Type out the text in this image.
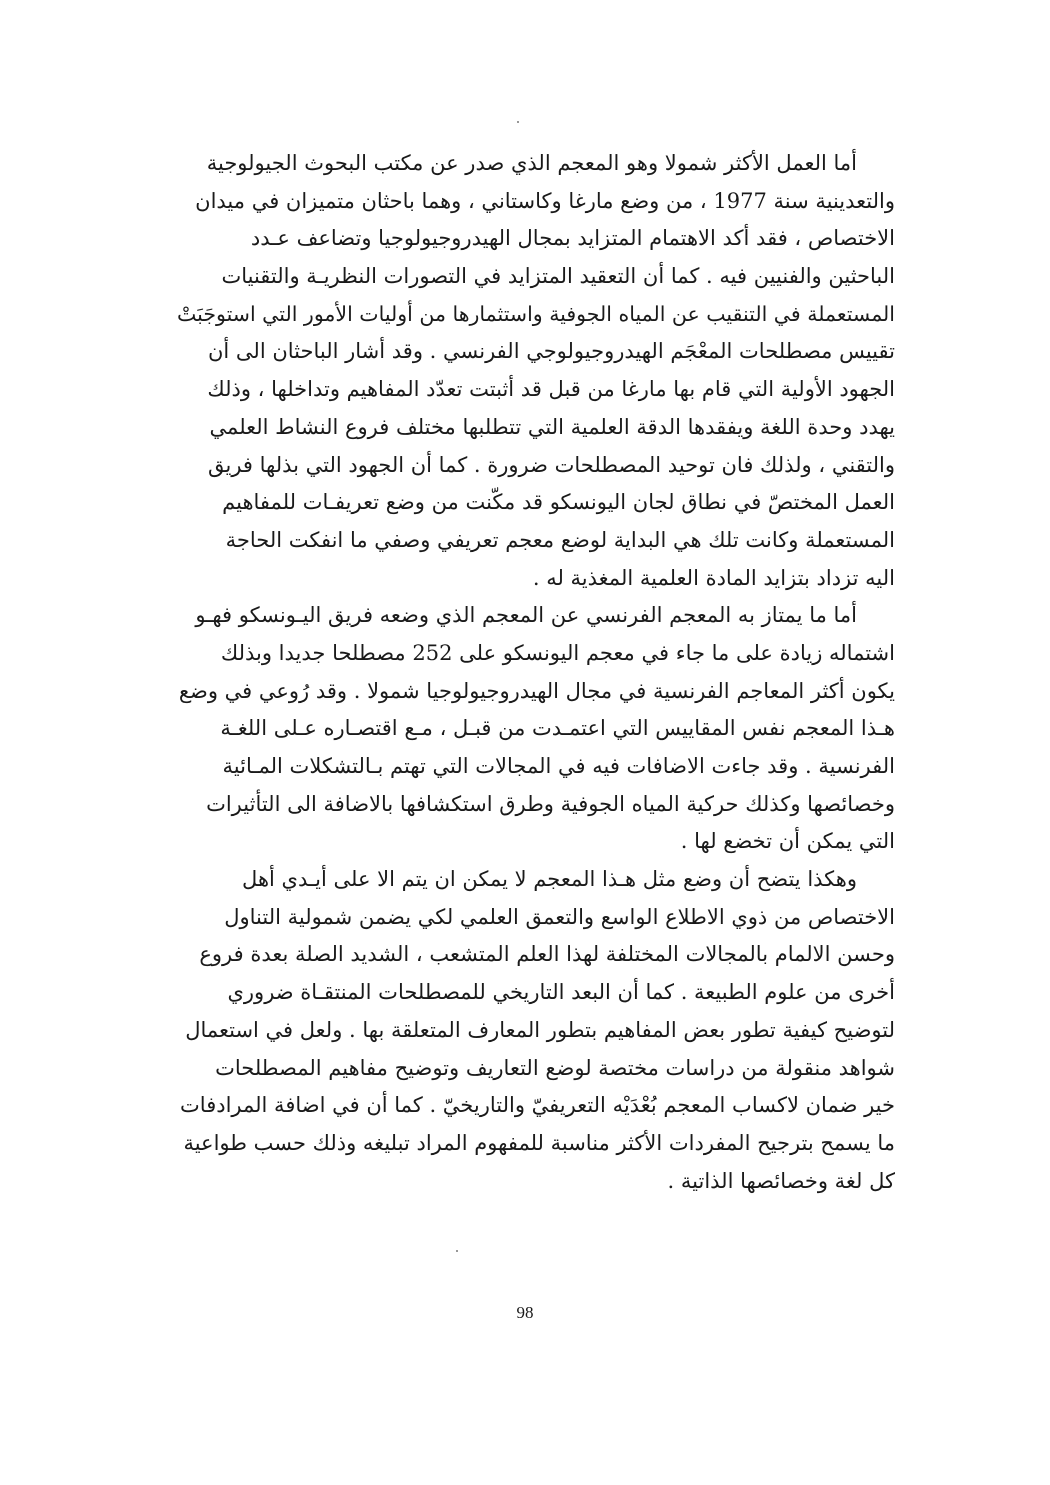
أما العمل الأكثر شمولا وهو المعجم الذي صدر عن مكتب البحوث الجيولوجية
والتعدينية سنة 1977 ، من وضع مارغا وكاستاني ، وهما باحثان متميزان في ميدان
الاختصاص ، فقد أكد الاهتمام المتزايد بمجال الهيدروجيولوجيا وتضاعف عـدد
الباحثين والفنيين فيه . كما أن التعقيد المتزايد في التصورات النظريـة والتقنيات
المستعملة في التنقيب عن المياه الجوفية واستثمارها من أوليات الأمور التي استوجَبَتْ
تقييس مصطلحات المعْجَم الهيدروجيولوجي الفرنسي . وقد أشار الباحثان الى أن
الجهود الأولية التي قام بها مارغا من قبل قد أثبتت تعدّد المفاهيم وتداخلها ، وذلك
يهدد وحدة اللغة ويفقدها الدقة العلمية التي تتطلبها مختلف فروع النشاط العلمي
والتقني ، ولذلك فان توحيد المصطلحات ضرورة . كما أن الجهود التي بذلها فريق
العمل المختصّ في نطاق لجان اليونسكو قد مكّنت من وضع تعريفـات للمفاهيم
المستعملة وكانت تلك هي البداية لوضع معجم تعريفي وصفي ما انفكت الحاجة
اليه تزداد بتزايد المادة العلمية المغذية له .
أما ما يمتاز به المعجم الفرنسي عن المعجم الذي وضعه فريق اليـونسكو فهـو
اشتماله زيادة على ما جاء في معجم اليونسكو على 252 مصطلحا جديدا وبذلك
يكون أكثر المعاجم الفرنسية في مجال الهيدروجيولوجيا شمولا . وقد رُوعي في وضع
هـذا المعجم نفس المقاييس التي اعتمـدت من قبـل ، مـع اقتصـاره عـلى اللغـة
الفرنسية . وقد جاءت الاضافات فيه في المجالات التي تهتم بـالتشكلات المـائية
وخصائصها وكذلك حركية المياه الجوفية وطرق استكشافها بالاضافة الى التأثيرات
التي يمكن أن تخضع لها .
وهكذا يتضح أن وضع مثل هـذا المعجم لا يمكن ان يتم الا على أيـدي أهل
الاختصاص من ذوي الاطلاع الواسع والتعمق العلمي لكي يضمن شمولية التناول
وحسن الالمام بالمجالات المختلفة لهذا العلم المتشعب ، الشديد الصلة بعدة فروع
أخرى من علوم الطبيعة . كما أن البعد التاريخي للمصطلحات المنتقـاة ضروري
لتوضيح كيفية تطور بعض المفاهيم بتطور المعارف المتعلقة بها . ولعل في استعمال
شواهد منقولة من دراسات مختصة لوضع التعاريف وتوضيح مفاهيم المصطلحات
خير ضمان لاكساب المعجم بُعْدَيْه التعريفيّ والتاريخيّ . كما أن في اضافة المرادفات
ما يسمح بترجيح المفردات الأكثر مناسبة للمفهوم المراد تبليغه وذلك حسب طواعية
كل لغة وخصائصها الذاتية .
98
